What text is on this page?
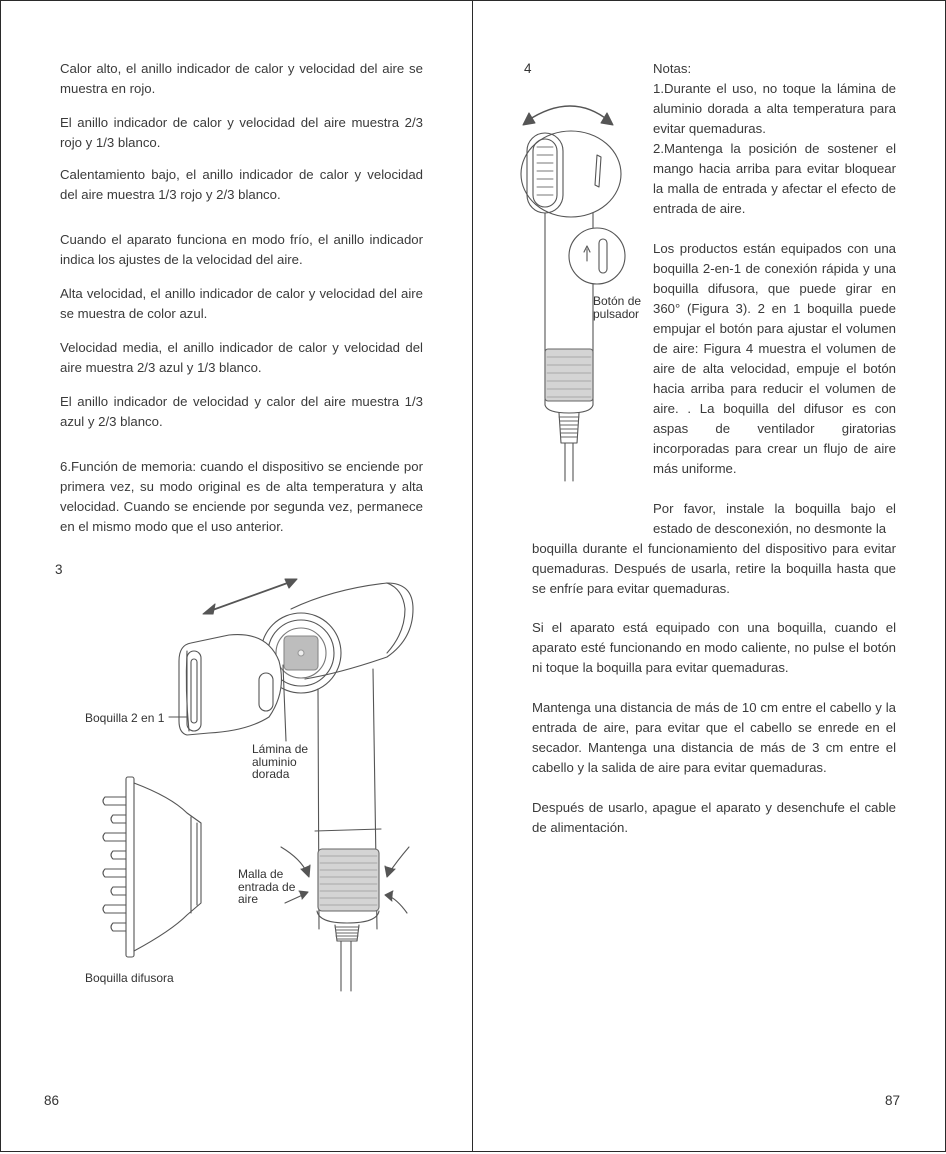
Calor alto, el anillo indicador de calor y velocidad del aire se muestra en rojo.

El anillo indicador de calor y velocidad del aire muestra 2/3 rojo y 1/3 blanco.

Calentamiento bajo, el anillo indicador de calor y velocidad del aire muestra 1/3 rojo y 2/3 blanco.

Cuando el aparato funciona en modo frío, el anillo indicador indica los ajustes de la velocidad del aire.

Alta velocidad, el anillo indicador de calor y velocidad del aire se muestra de color azul.

Velocidad media, el anillo indicador de calor y velocidad del aire muestra 2/3 azul y 1/3 blanco.

El anillo indicador de velocidad y calor del aire muestra 1/3 azul y 2/3 blanco.

6.Función de memoria: cuando el dispositivo se enciende por primera vez, su modo original es de alta temperatura y alta velocidad. Cuando se enciende por segunda vez, permanece en el mismo modo que el uso anterior.

3

Boquilla 2 en 1

Lámina de aluminio dorada

Malla de entrada de aire

Boquilla difusora

86
4

Botón de pulsador

Notas:

1.Durante el uso, no toque la lámina de aluminio dorada a alta temperatura para evitar quemaduras.

2.Mantenga la posición de sostener el mango hacia arriba para evitar bloquear la malla de entrada y afectar el efecto de entrada de aire.

Los productos están equipados con una boquilla 2-en-1 de conexión rápida y una boquilla difusora, que puede girar en 360° (Figura 3). 2 en 1 boquilla puede empujar el botón para ajustar el volumen de aire: Figura 4 muestra el volumen de aire de alta velocidad, empuje el botón hacia arriba para reducir el volumen de aire. . La boquilla del difusor es con aspas de ventilador giratorias incorporadas para crear un flujo de aire más uniforme.

Por favor, instale la boquilla bajo el estado de desconexión, no desmonte la

boquilla durante el funcionamiento del dispositivo para evitar quemaduras. Después de usarla, retire la boquilla hasta que se enfríe para evitar quemaduras.

Si el aparato está equipado con una boquilla, cuando el aparato esté funcionando en modo caliente, no pulse el botón ni toque la boquilla para evitar quemaduras.

Mantenga una distancia de más de 10 cm entre el cabello y la entrada de aire, para evitar que el cabello se enrede en el secador. Mantenga una distancia de más de 3 cm entre el cabello y la salida de aire para evitar quemaduras.

Después de usarlo, apague el aparato y desenchufe el cable de alimentación.

87
